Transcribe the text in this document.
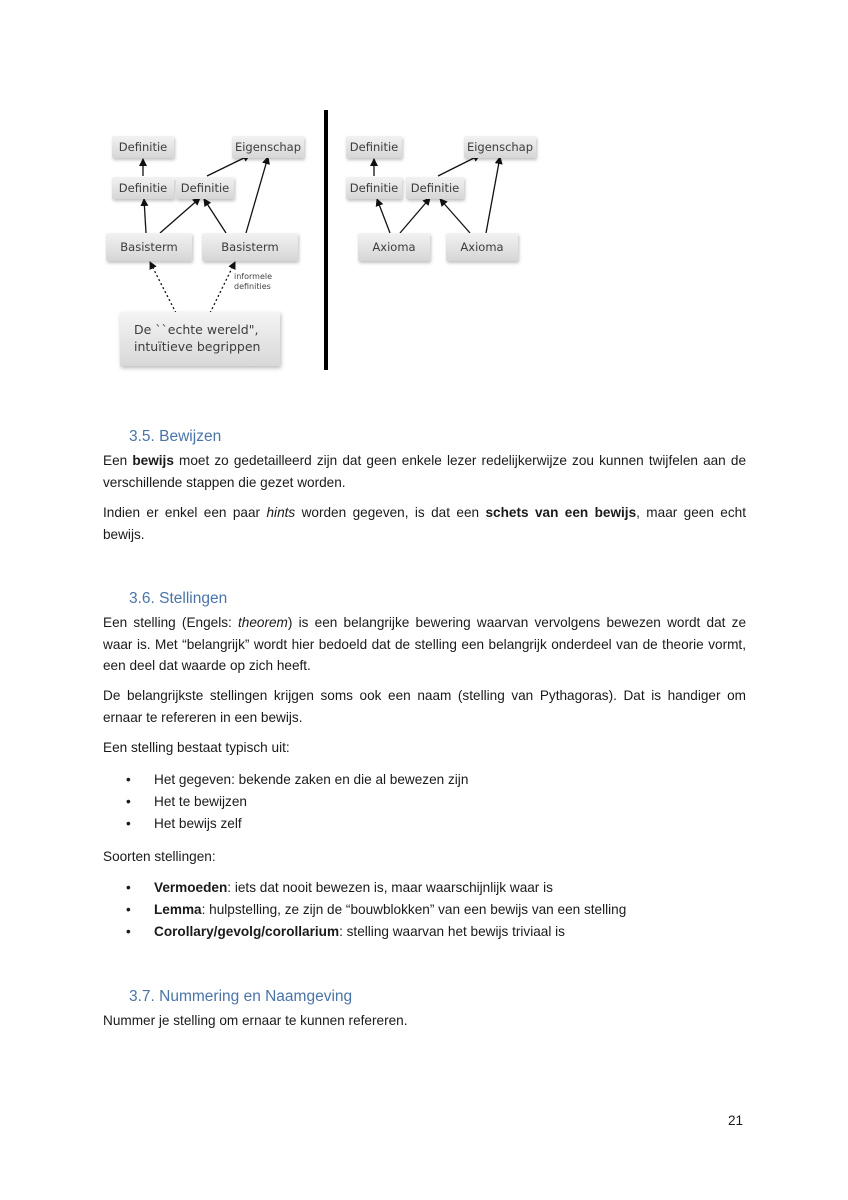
Definitie	Eigenschap
Definitie	Definitie
Basisterm	Basisterm
informele
definities
De ``echte wereld",
intuïtieve begrippen
Definitie	Eigenschap
Definitie	Definitie
Axioma	Axioma
3.5. Bewijzen

Een bewijs moet zo gedetailleerd zijn dat geen enkele lezer redelijkerwijze zou kunnen twijfelen aan de verschillende stappen die gezet worden.

Indien er enkel een paar hints worden gegeven, is dat een schets van een bewijs, maar geen echt bewijs.

3.6. Stellingen

Een stelling (Engels: theorem) is een belangrijke bewering waarvan vervolgens bewezen wordt dat ze waar is. Met “belangrijk” wordt hier bedoeld dat de stelling een belangrijk onderdeel van de theorie vormt, een deel dat waarde op zich heeft.

De belangrijkste stellingen krijgen soms ook een naam (stelling van Pythagoras). Dat is handiger om ernaar te refereren in een bewijs.

Een stelling bestaat typisch uit:

• Het gegeven: bekende zaken en die al bewezen zijn
• Het te bewijzen
• Het bewijs zelf

Soorten stellingen:

• Vermoeden: iets dat nooit bewezen is, maar waarschijnlijk waar is
• Lemma: hulpstelling, ze zijn de “bouwblokken” van een bewijs van een stelling
• Corollary/gevolg/corollarium: stelling waarvan het bewijs triviaal is
3.7. Nummering en Naamgeving

Nummer je stelling om ernaar te kunnen refereren.

21
